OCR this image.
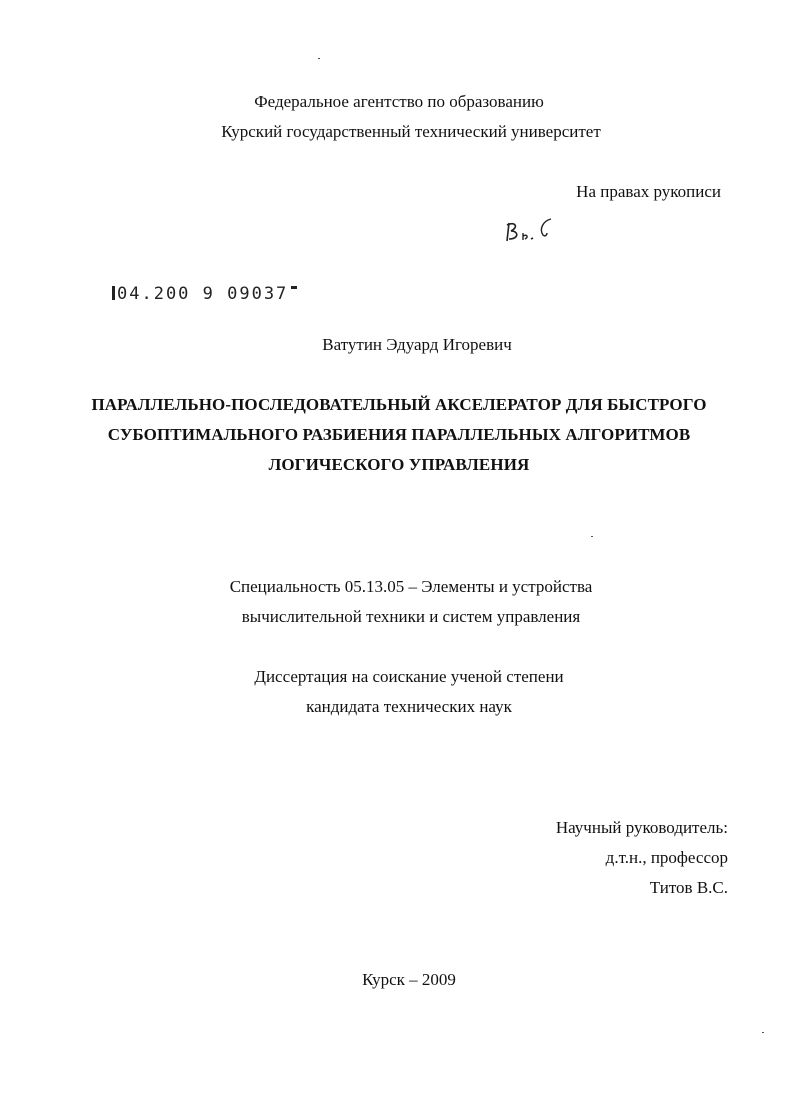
Федеральное агентство по образованию
Курский государственный технический университет
На правах рукописи
04.200 9 09037
Ватутин Эдуард Игоревич
ПАРАЛЛЕЛЬНО-ПОСЛЕДОВАТЕЛЬНЫЙ АКСЕЛЕРАТОР ДЛЯ БЫСТРОГО
СУБОПТИМАЛЬНОГО РАЗБИЕНИЯ ПАРАЛЛЕЛЬНЫХ АЛГОРИТМОВ
ЛОГИЧЕСКОГО УПРАВЛЕНИЯ
Специальность 05.13.05 – Элементы и устройства
вычислительной техники и систем управления
Диссертация на соискание ученой степени
кандидата технических наук
Научный руководитель:
д.т.н., профессор
Титов В.С.
Курск – 2009
